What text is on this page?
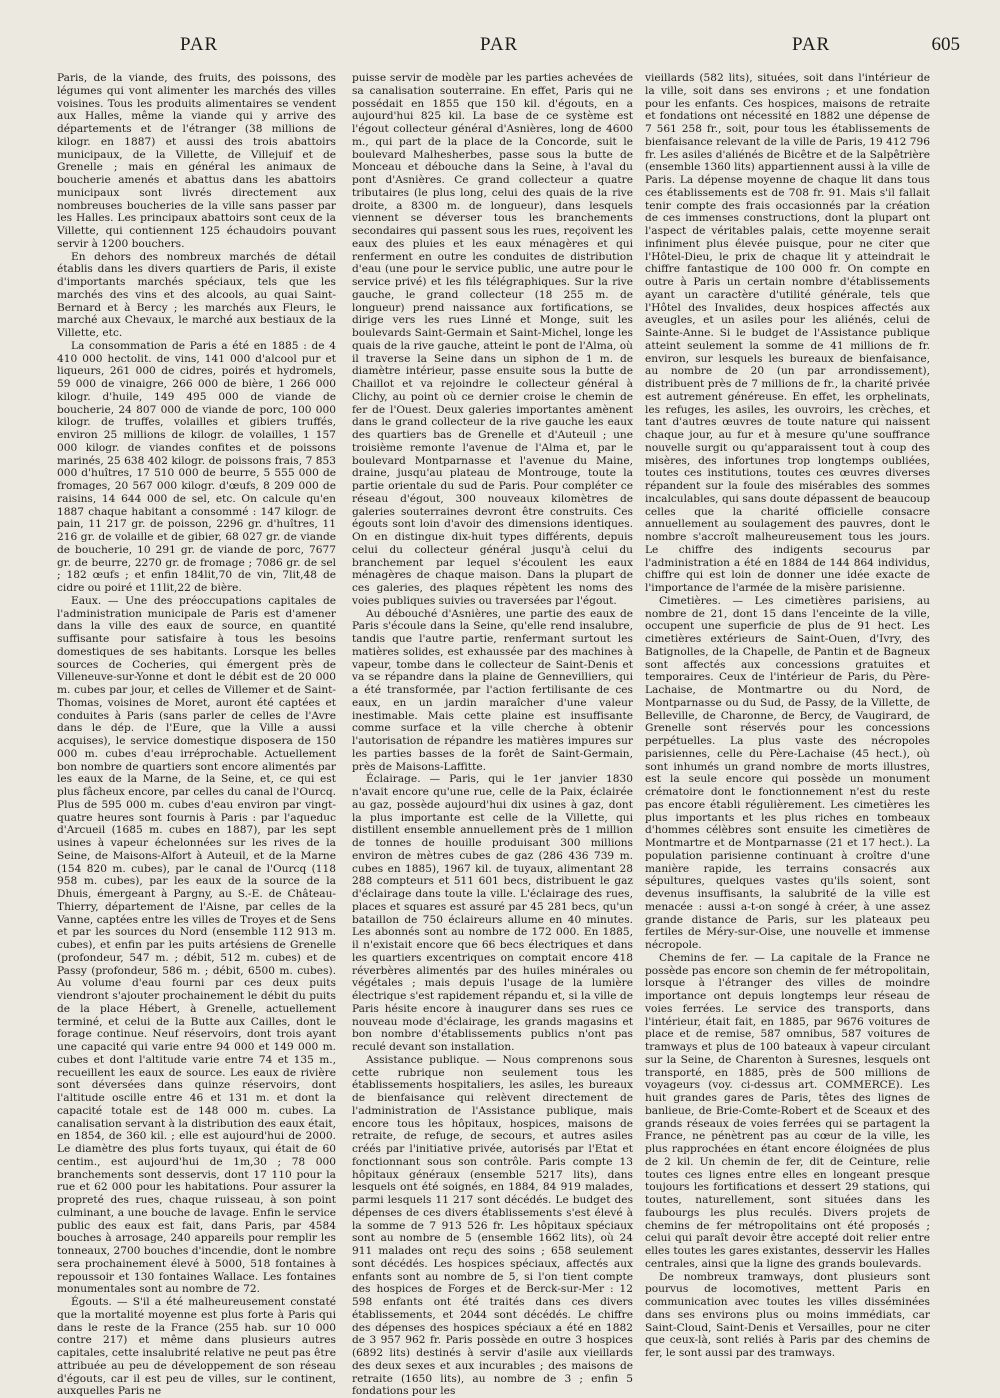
PAR	PAR	PAR	605

Paris, de la viande, des fruits, des poissons, des légumes qui vont alimenter les marchés des villes voisines. Tous les produits alimentaires se vendent aux Halles, même la viande qui y arrive des départements et de l'étranger (38 millions de kilogr. en 1887) et aussi des trois abattoirs municipaux, de la Villette, de Villejuif et de Grenelle ; mais en général les animaux de boucherie amenés et abattus dans les abattoirs municipaux sont livrés directement aux nombreuses boucheries de la ville sans passer par les Halles. Les principaux abattoirs sont ceux de la Villette, qui contiennent 125 échaudoirs pouvant servir à 1200 bouchers.

En dehors des nombreux marchés de détail établis dans les divers quartiers de Paris, il existe d'importants marchés spéciaux, tels que les marchés des vins et des alcools, au quai Saint-Bernard et à Bercy ; les marchés aux Fleurs, le marché aux Chevaux, le marché aux bestiaux de la Villette, etc.

La consommation de Paris a été en 1885 : de 4 410 000 hectolit. de vins, 141 000 d'alcool pur et liqueurs, 261 000 de cidres, poirés et hydromels, 59 000 de vinaigre, 266 000 de bière, 1 266 000 kilogr. d'huile, 149 495 000 de viande de boucherie, 24 807 000 de viande de porc, 100 000 kilogr. de truffes, volailles et gibiers truffés, environ 25 millions de kilogr. de volailles, 1 157 000 kilogr. de viandes confites et de poissons marinés, 25 638 402 kilogr. de poissons frais, 7 853 000 d'huîtres, 17 510 000 de beurre, 5 555 000 de fromages, 20 567 000 kilogr. d'œufs, 8 209 000 de raisins, 14 644 000 de sel, etc. On calcule qu'en 1887 chaque habitant a consommé : 147 kilogr. de pain, 11 217 gr. de poisson, 2296 gr. d'huîtres, 11 216 gr. de volaille et de gibier, 68 027 gr. de viande de boucherie, 10 291 gr. de viande de porc, 7677 gr. de beurre, 2270 gr. de fromage ; 7086 gr. de sel ; 182 œufs ; et enfin 184lit,70 de vin, 7lit,48 de cidre ou poiré et 11lit,22 de bière.

Eaux. — Une des préoccupations capitales de l'administration municipale de Paris est d'amener dans la ville des eaux de source, en quantité suffisante pour satisfaire à tous les besoins domestiques de ses habitants. Lorsque les belles sources de Cocheries, qui émergent près de Villeneuve-sur-Yonne et dont le débit est de 20 000 m. cubes par jour, et celles de Villemer et de Saint-Thomas, voisines de Moret, auront été captées et conduites à Paris (sans parler de celles de l'Avre dans le dép. de l'Eure, que la Ville a aussi acquises), le service domestique disposera de 150 000 m. cubes d'eau irréprochable. Actuellement bon nombre de quartiers sont encore alimentés par les eaux de la Marne, de la Seine, et, ce qui est plus fâcheux encore, par celles du canal de l'Ourcq. Plus de 595 000 m. cubes d'eau environ par vingt-quatre heures sont fournis à Paris : par l'aqueduc d'Arcueil (1685 m. cubes en 1887), par les sept usines à vapeur échelonnées sur les rives de la Seine, de Maisons-Alfort à Auteuil, et de la Marne (154 820 m. cubes), par le canal de l'Ourcq (118 958 m. cubes), par les eaux de la source de la Dhuis, émergeant à Pargny, au S.-E. de Château-Thierry, département de l'Aisne, par celles de la Vanne, captées entre les villes de Troyes et de Sens et par les sources du Nord (ensemble 112 913 m. cubes), et enfin par les puits artésiens de Grenelle (profondeur, 547 m. ; débit, 512 m. cubes) et de Passy (profondeur, 586 m. ; débit, 6500 m. cubes). Au volume d'eau fourni par ces deux puits viendront s'ajouter prochainement le débit du puits de la place Hébert, à Grenelle, actuellement terminé, et celui de la Butte aux Cailles, dont le forage continue. Neuf réservoirs, dont trois ayant une capacité qui varie entre 94 000 et 149 000 m. cubes et dont l'altitude varie entre 74 et 135 m., recueillent les eaux de source. Les eaux de rivière sont déversées dans quinze réservoirs, dont l'altitude oscille entre 46 et 131 m. et dont la capacité totale est de 148 000 m. cubes. La canalisation servant à la distribution des eaux était, en 1854, de 360 kil. ; elle est aujourd'hui de 2000. Le diamètre des plus forts tuyaux, qui était de 60 centim., est aujourd'hui de 1m,30 ; 78 000 branchements sont desservis, dont 17 110 pour la rue et 62 000 pour les habitations. Pour assurer la propreté des rues, chaque ruisseau, à son point culminant, a une bouche de lavage. Enfin le service public des eaux est fait, dans Paris, par 4584 bouches à arrosage, 240 appareils pour remplir les tonneaux, 2700 bouches d'incendie, dont le nombre sera prochainement élevé à 5000, 518 fontaines à repoussoir et 130 fontaines Wallace. Les fontaines monumentales sont au nombre de 72.

Égouts. — S'il a été malheureusement constaté que la mortalité moyenne est plus forte à Paris qui dans le reste de la France (255 hab. sur 10 000 contre 217) et même dans plusieurs autres capitales, cette insalubrité relative ne peut pas être attribuée au peu de développement de son réseau d'égouts, car il est peu de villes, sur le continent, auxquelles Paris ne

puisse servir de modèle par les parties achevées de sa canalisation souterraine. En effet, Paris qui ne possédait en 1855 que 150 kil. d'égouts, en a aujourd'hui 825 kil. La base de ce système est l'égout collecteur général d'Asnières, long de 4600 m., qui part de la place de la Concorde, suit le boulevard Malhesherbes, passe sous la butte de Monceau et débouche dans la Seine, à l'aval du pont d'Asnières. Ce grand collecteur a quatre tributaires (le plus long, celui des quais de la rive droite, a 8300 m. de longueur), dans lesquels viennent se déverser tous les branchements secondaires qui passent sous les rues, reçoivent les eaux des pluies et les eaux ménagères et qui renferment en outre les conduites de distribution d'eau (une pour le service public, une autre pour le service privé) et les fils télégraphiques. Sur la rive gauche, le grand collecteur (18 255 m. de longueur) prend naissance aux fortifications, se dirige vers les rues Linné et Monge, suit les boulevards Saint-Germain et Saint-Michel, longe les quais de la rive gauche, atteint le pont de l'Alma, où il traverse la Seine dans un siphon de 1 m. de diamètre intérieur, passe ensuite sous la butte de Chaillot et va rejoindre le collecteur général à Clichy, au point où ce dernier croise le chemin de fer de l'Ouest. Deux galeries importantes amènent dans le grand collecteur de la rive gauche les eaux des quartiers bas de Grenelle et d'Auteuil ; une troisième remonte l'avenue de l'Alma et, par le boulevard Montparnasse et l'avenue du Maine, draine, jusqu'au plateau de Montrouge, toute la partie orientale du sud de Paris. Pour compléter ce réseau d'égout, 300 nouveaux kilomètres de galeries souterraines devront être construits. Ces égouts sont loin d'avoir des dimensions identiques. On en distingue dix-huit types différents, depuis celui du collecteur général jusqu'à celui du branchement par lequel s'écoulent les eaux ménagères de chaque maison. Dans la plupart de ces galeries, des plaques répètent les noms des voies publiques suivies ou traversées par l'égout.

Au débouché d'Asnières, une partie des eaux de Paris s'écoule dans la Seine, qu'elle rend insalubre, tandis que l'autre partie, renfermant surtout les matières solides, est exhaussée par des machines à vapeur, tombe dans le collecteur de Saint-Denis et va se répandre dans la plaine de Gennevilliers, qui a été transformée, par l'action fertilisante de ces eaux, en un jardin maraîcher d'une valeur inestimable. Mais cette plaine est insuffisante comme surface et la ville cherche à obtenir l'autorisation de répandre les matières impures sur les parties basses de la forêt de Saint-Germain, près de Maisons-Laffitte.

Éclairage. — Paris, qui le 1er janvier 1830 n'avait encore qu'une rue, celle de la Paix, éclairée au gaz, possède aujourd'hui dix usines à gaz, dont la plus importante est celle de la Villette, qui distillent ensemble annuellement près de 1 million de tonnes de houille produisant 300 millions environ de mètres cubes de gaz (286 436 739 m. cubes en 1885), 1967 kil. de tuyaux, alimentant 28 288 compteurs et 511 601 becs, distribuent le gaz d'éclairage dans toute la ville. L'éclairage des rues, places et squares est assuré par 45 281 becs, qu'un bataillon de 750 éclaireurs allume en 40 minutes. Les abonnés sont au nombre de 172 000. En 1885, il n'existait encore que 66 becs électriques et dans les quartiers excentriques on comptait encore 418 réverbères alimentés par des huiles minérales ou végétales ; mais depuis l'usage de la lumière électrique s'est rapidement répandu et, si la ville de Paris hésite encore à inaugurer dans ses rues ce nouveau mode d'éclairage, les grands magasins et bon nombre d'établissements publics n'ont pas reculé devant son installation.

Assistance publique. — Nous comprenons sous cette rubrique non seulement tous les établissements hospitaliers, les asiles, les bureaux de bienfaisance qui relèvent directement de l'administration de l'Assistance publique, mais encore tous les hôpitaux, hospices, maisons de retraite, de refuge, de secours, et autres asiles créés par l'initiative privée, autorisés par l'Etat et fonctionnant sous son contrôle. Paris compte 13 hôpitaux généraux (ensemble 5217 lits), dans lesquels ont été soignés, en 1884, 84 919 malades, parmi lesquels 11 217 sont décédés. Le budget des dépenses de ces divers établissements s'est élevé à la somme de 7 913 526 fr. Les hôpitaux spéciaux sont au nombre de 5 (ensemble 1662 lits), où 24 911 malades ont reçu des soins ; 658 seulement sont décédés. Les hospices spéciaux, affectés aux enfants sont au nombre de 5, si l'on tient compte des hospices de Forges et de Berck-sur-Mer : 12 598 enfants ont été traités dans ces divers établissements, et 2044 sont décédés. Le chiffre des dépenses des hospices spéciaux a été en 1882 de 3 957 962 fr. Paris possède en outre 3 hospices (6892 lits) destinés à servir d'asile aux vieillards des deux sexes et aux incurables ; des maisons de retraite (1650 lits), au nombre de 3 ; enfin 5 fondations pour les

vieillards (582 lits), situées, soit dans l'intérieur de la ville, soit dans ses environs ; et une fondation pour les enfants. Ces hospices, maisons de retraite et fondations ont nécessité en 1882 une dépense de 7 561 258 fr., soit, pour tous les établissements de bienfaisance relevant de la ville de Paris, 19 412 796 fr. Les asiles d'aliénés de Bicêtre et de la Salpêtrière (ensemble 1360 lits) appartiennent aussi à la ville de Paris. La dépense moyenne de chaque lit dans tous ces établissements est de 708 fr. 91. Mais s'il fallait tenir compte des frais occasionnés par la création de ces immenses constructions, dont la plupart ont l'aspect de véritables palais, cette moyenne serait infiniment plus élevée puisque, pour ne citer que l'Hôtel-Dieu, le prix de chaque lit y atteindrait le chiffre fantastique de 100 000 fr. On compte en outre à Paris un certain nombre d'établissements ayant un caractère d'utilité générale, tels que l'Hôtel des Invalides, deux hospices affectés aux aveugles, et un asiles pour les aliénés, celui de Sainte-Anne. Si le budget de l'Assistance publique atteint seulement la somme de 41 millions de fr. environ, sur lesquels les bureaux de bienfaisance, au nombre de 20 (un par arrondissement), distribuent près de 7 millions de fr., la charité privée est autrement généreuse. En effet, les orphelinats, les refuges, les asiles, les ouvroirs, les crèches, et tant d'autres œuvres de toute nature qui naissent chaque jour, au fur et à mesure qu'une souffrance nouvelle surgit ou qu'apparaissent tout à coup des misères, des infortunes trop longtemps oubliées, toutes ces institutions, toutes ces œuvres diverses répandent sur la foule des misérables des sommes incalculables, qui sans doute dépassent de beaucoup celles que la charité officielle consacre annuellement au soulagement des pauvres, dont le nombre s'accroît malheureusement tous les jours. Le chiffre des indigents secourus par l'administration a été en 1884 de 144 864 individus, chiffre qui est loin de donner une idée exacte de l'importance de l'armée de la misère parisienne.

Cimetières. — Les cimetières parisiens, au nombre de 21, dont 15 dans l'enceinte de la ville, occupent une superficie de plus de 91 hect. Les cimetières extérieurs de Saint-Ouen, d'Ivry, des Batignolles, de la Chapelle, de Pantin et de Bagneux sont affectés aux concessions gratuites et temporaires. Ceux de l'intérieur de Paris, du Père-Lachaise, de Montmartre ou du Nord, de Montparnasse ou du Sud, de Passy, de la Villette, de Belleville, de Charonne, de Bercy, de Vaugirard, de Grenelle sont réservés pour les concessions perpétuelles. La plus vaste des nécropoles parisiennes, celle du Père-Lachaise (45 hect.), où sont inhumés un grand nombre de morts illustres, est la seule encore qui possède un monument crématoire dont le fonctionnement n'est du reste pas encore établi régulièrement. Les cimetières les plus importants et les plus riches en tombeaux d'hommes célèbres sont ensuite les cimetières de Montmartre et de Montparnasse (21 et 17 hect.). La population parisienne continuant à croître d'une manière rapide, les terrains consacrés aux sépultures, quelques vastes qu'ils soient, sont devenus insuffisants, la salubrité de la ville est menacée : aussi a-t-on songé à créer, à une assez grande distance de Paris, sur les plateaux peu fertiles de Méry-sur-Oise, une nouvelle et immense nécropole.

Chemins de fer. — La capitale de la France ne possède pas encore son chemin de fer métropolitain, lorsque à l'étranger des villes de moindre importance ont depuis longtemps leur réseau de voies ferrées. Le service des transports, dans l'intérieur, était fait, en 1885, par 9676 voitures de place et de remise, 587 omnibus, 587 voitures de tramways et plus de 100 bateaux à vapeur circulant sur la Seine, de Charenton à Suresnes, lesquels ont transporté, en 1885, près de 500 millions de voyageurs (voy. ci-dessus art. COMMERCE). Les huit grandes gares de Paris, têtes des lignes de banlieue, de Brie-Comte-Robert et de Sceaux et des grands réseaux de voies ferrées qui se partagent la France, ne pénètrent pas au cœur de la ville, les plus rapprochées en étant encore éloignées de plus de 2 kil. Un chemin de fer, dit de Ceinture, relie toutes ces lignes entre elles en longeant presque toujours les fortifications et dessert 29 stations, qui toutes, naturellement, sont situées dans les faubourgs les plus reculés. Divers projets de chemins de fer métropolitains ont été proposés ; celui qui paraît devoir être accepté doit relier entre elles toutes les gares existantes, desservir les Halles centrales, ainsi que la ligne des grands boulevards.

De nombreux tramways, dont plusieurs sont pourvus de locomotives, mettent Paris en communication avec toutes les villes disséminées dans ses environs plus ou moins immédiats, car Saint-Cloud, Saint-Denis et Versailles, pour ne citer que ceux-là, sont reliés à Paris par des chemins de fer, le sont aussi par des tramways.
